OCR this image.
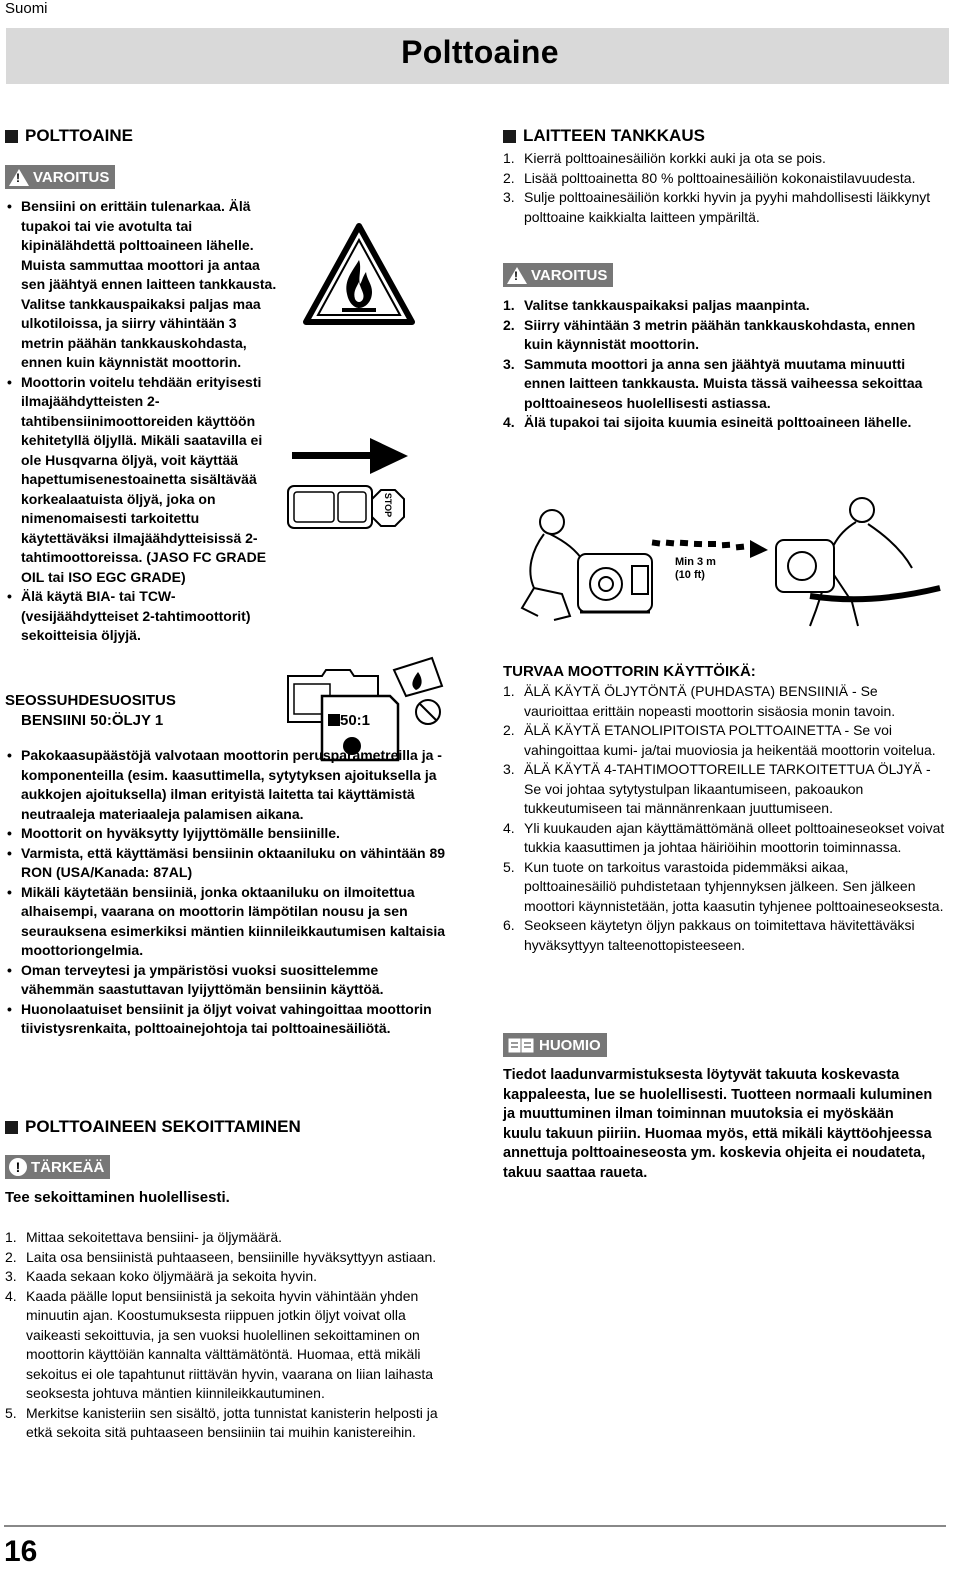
Suomi
Polttoaine
POLTTOAINE
!
VAROITUS
• Bensiini on erittäin tulenarkaa. Älä tupakoi tai vie avotulta tai kipinälähdettä polttoaineen lähelle. Muista sammuttaa moottori ja antaa sen jäähtyä ennen laitteen tankkausta. Valitse tankkauspaikaksi paljas maa ulkotiloissa, ja siirry vähintään 3 metrin päähän tankkauskohdasta, ennen kuin käynnistät moottorin.
• Moottorin voitelu tehdään erityisesti ilmajäähdytteisten 2-tahtibensiinimoottoreiden käyttöön kehitetyllä öljyllä. Mikäli saatavilla ei ole Husqvarna öljyä, voit käyttää hapettumisenestoainetta sisältävää korkealaatuista öljyä, joka on nimenomaisesti tarkoitettu käytettäväksi ilmajäähdytteisissä 2-tahtimoottoreissa. (JASO FC GRADE OIL tai ISO EGC GRADE)
• Älä käytä BIA- tai TCW- (vesijäähdytteiset 2-tahtimoottorit) sekoitteisia öljyjä.
STOP
SEOSSUHDESUOSITUS
BENSIINI 50:ÖLJY 1	50:1
• Pakokaasupäästöjä valvotaan moottorin perusparametreilla ja -komponenteilla (esim. kaasuttimella, sytytyksen ajoituksella ja aukkojen ajoituksella) ilman erityistä laitetta tai käyttämistä neutraaleja materiaaleja palamisen aikana.
• Moottorit on hyväksytty lyijyttömälle bensiinille.
• Varmista, että käyttämäsi bensiinin oktaaniluku on vähintään 89 RON (USA/Kanada: 87AL)
• Mikäli käytetään bensiiniä, jonka oktaaniluku on ilmoitettua alhaisempi, vaarana on moottorin lämpötilan nousu ja sen seurauksena esimerkiksi mäntien kiinnileikkautumisen kaltaisia moottoriongelmia.
• Oman terveytesi ja ympäristösi vuoksi suosittelemme vähemmän saastuttavan lyijyttömän bensiinin käyttöä.
• Huonolaatuiset bensiinit ja öljyt voivat vahingoittaa moottorin tiivistysrenkaita, polttoainejohtoja tai polttoainesäiliötä.
POLTTOAINEEN SEKOITTAMINEN
! TÄRKEÄÄ
Tee sekoittaminen huolellisesti.
1. Mittaa sekoitettava bensiini- ja öljymäärä.
2. Laita osa bensiinistä puhtaaseen, bensiinille hyväksyttyyn astiaan.
3. Kaada sekaan koko öljymäärä ja sekoita hyvin.
4. Kaada päälle loput bensiinistä ja sekoita hyvin vähintään yhden minuutin ajan. Koostumuksesta riippuen jotkin öljyt voivat olla vaikeasti sekoittuvia, ja sen vuoksi huolellinen sekoittaminen on moottorin käyttöiän kannalta välttämätöntä. Huomaa, että mikäli sekoitus ei ole tapahtunut riittävän hyvin, vaarana on liian laihasta seoksesta johtuva mäntien kiinnileikkautuminen.
5. Merkitse kanisteriin sen sisältö, jotta tunnistat kanisterin helposti ja etkä sekoita sitä puhtaaseen bensiiniin tai muihin kanistereihin.
LAITTEEN TANKKAUS
1. Kierrä polttoainesäiliön korkki auki ja ota se pois.
2. Lisää polttoainetta 80 % polttoainesäiliön kokonaistilavuudesta.
3. Sulje polttoainesäiliön korkki hyvin ja pyyhi mahdollisesti läikkynyt polttoaine kaikkialta laitteen ympäriltä.
!
VAROITUS
1. Valitse tankkauspaikaksi paljas maanpinta.
2. Siirry vähintään 3 metrin päähän tankkauskohdasta, ennen kuin käynnistät moottorin.
3. Sammuta moottori ja anna sen jäähtyä muutama minuutti ennen laitteen tankkausta. Muista tässä vaiheessa sekoittaa polttoaineseos huolellisesti astiassa.
4. Älä tupakoi tai sijoita kuumia esineitä polttoaineen lähelle.
Min 3 m
(10 ft)
TURVAA MOOTTORIN KÄYTTÖIKÄ:
1. ÄLÄ KÄYTÄ ÖLJYTÖNTÄ (PUHDASTA) BENSIINIÄ - Se vaurioittaa erittäin nopeasti moottorin sisäosia monin tavoin.
2. ÄLÄ KÄYTÄ ETANOLIPITOISTA POLTTOAINETTA - Se voi vahingoittaa kumi- ja/tai muoviosia ja heikentää moottorin voitelua.
3. ÄLÄ KÄYTÄ 4-TAHTIMOOTTOREILLE TARKOITETTUA ÖLJYÄ - Se voi johtaa sytytystulpan likaantumiseen, pakoaukon tukkeutumiseen tai männänrenkaan juuttumiseen.
4. Yli kuukauden ajan käyttämättömänä olleet polttoaineseokset voivat tukkia kaasuttimen ja johtaa häiriöihin moottorin toiminnassa.
5. Kun tuote on tarkoitus varastoida pidemmäksi aikaa, polttoainesäiliö puhdistetaan tyhjennyksen jälkeen. Sen jälkeen moottori käynnistetään, jotta kaasutin tyhjenee polttoaineseoksesta.
6. Seokseen käytetyn öljyn pakkaus on toimitettava hävitettäväksi hyväksyttyyn talteenottopisteeseen.
HUOMIO
Tiedot laadunvarmistuksesta löytyvät takuuta koskevasta kappaleesta, lue se huolellisesti. Tuotteen normaali kuluminen ja muuttuminen ilman toiminnan muutoksia ei myöskään kuulu takuun piiriin. Huomaa myös, että mikäli käyttöohjeessa annettuja polttoaineseosta ym. koskevia ohjeita ei noudateta, takuu saattaa raueta.
16
